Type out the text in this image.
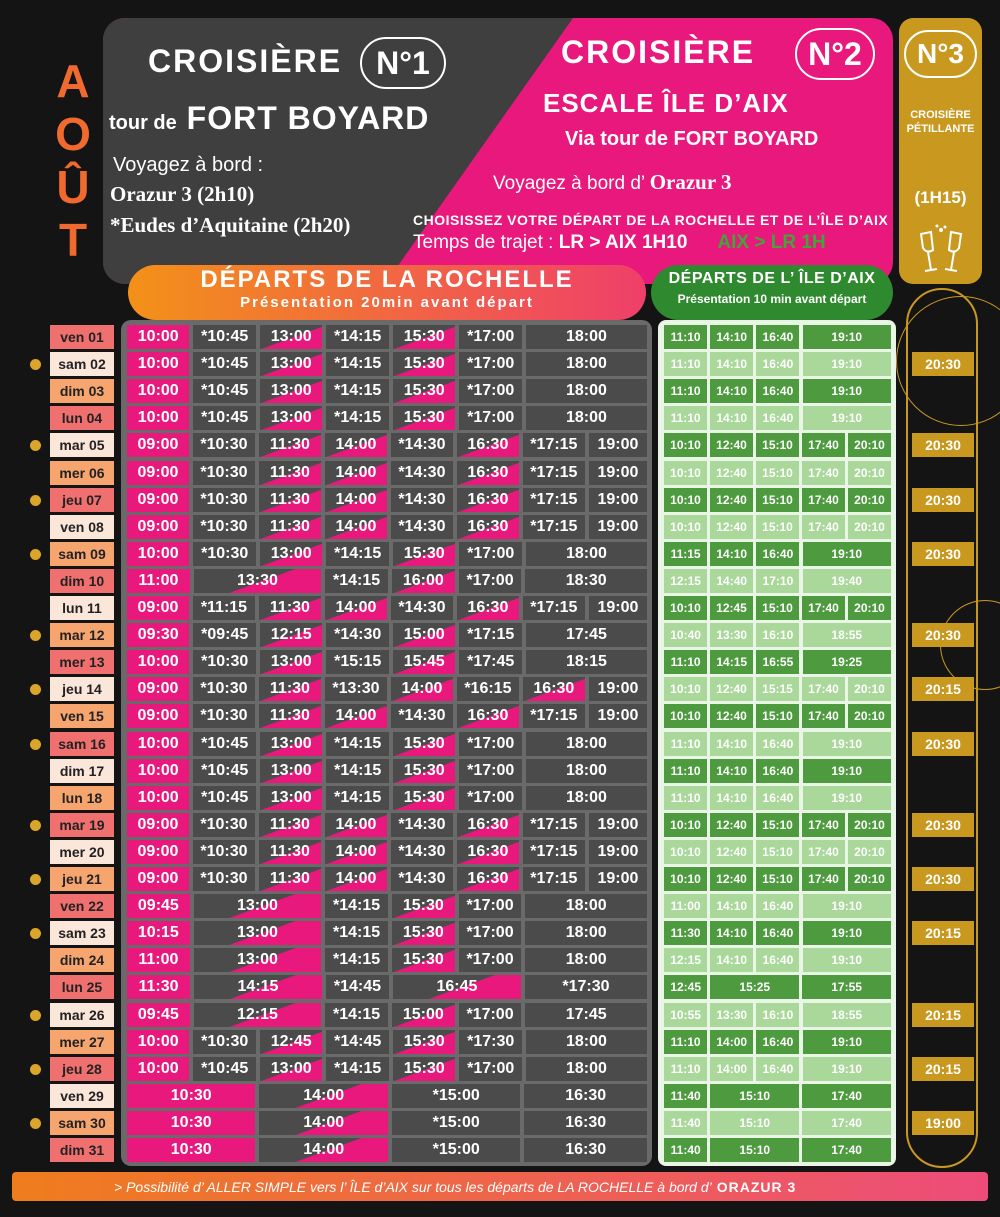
CROISIÈRE	N°1
tour de FORT BOYARD
Voyagez à bord :
Orazur 3 (2h10)
*Eudes d’Aquitaine (2h20)
CROISIÈRE	N°2
ESCALE ÎLE D’AIX
Via tour de FORT BOYARD
Voyagez à bord d’ Orazur 3
CHOISISSEZ VOTRE DÉPART DE LA ROCHELLE ET DE L’ÎLE D’AIX
Temps de trajet : LR > AIX 1H10 AIX > LR 1H
N°3
CROISIÈRE
PÉTILLANTE
(1H15)
A
O
Û
T
DÉPARTS DE LA ROCHELLE
Présentation 20min avant départ
DÉPARTS DE L’ ÎLE D’AIX
Présentation 10 min avant départ
ven 01	10:00	*10:45	13:00	*14:15	15:30	*17:00	18:00	11:10	14:10	16:40	19:10
sam 02	10:00	*10:45	13:00	*14:15	15:30	*17:00	18:00	11:10	14:10	16:40	19:10	20:30
dim 03	10:00	*10:45	13:00	*14:15	15:30	*17:00	18:00	11:10	14:10	16:40	19:10
lun 04	10:00	*10:45	13:00	*14:15	15:30	*17:00	18:00	11:10	14:10	16:40	19:10
mar 05	09:00	*10:30	11:30	14:00	*14:30	16:30	*17:15	19:00	10:10	12:40	15:10	17:40	20:10	20:30
mer 06	09:00	*10:30	11:30	14:00	*14:30	16:30	*17:15	19:00	10:10	12:40	15:10	17:40	20:10
jeu 07	09:00	*10:30	11:30	14:00	*14:30	16:30	*17:15	19:00	10:10	12:40	15:10	17:40	20:10	20:30
ven 08	09:00	*10:30	11:30	14:00	*14:30	16:30	*17:15	19:00	10:10	12:40	15:10	17:40	20:10
sam 09	10:00	*10:30	13:00	*14:15	15:30	*17:00	18:00	11:15	14:10	16:40	19:10	20:30
dim 10	11:00	13:30	*14:15	16:00	*17:00	18:30	12:15	14:40	17:10	19:40
lun 11	09:00	*11:15	11:30	14:00	*14:30	16:30	*17:15	19:00	10:10	12:45	15:10	17:40	20:10
mar 12	09:30	*09:45	12:15	*14:30	15:00	*17:15	17:45	10:40	13:30	16:10	18:55	20:30
mer 13	10:00	*10:30	13:00	*15:15	15:45	*17:45	18:15	11:10	14:15	16:55	19:25
jeu 14	09:00	*10:30	11:30	*13:30	14:00	*16:15	16:30	19:00	10:10	12:40	15:15	17:40	20:10	20:15
ven 15	09:00	*10:30	11:30	14:00	*14:30	16:30	*17:15	19:00	10:10	12:40	15:10	17:40	20:10
sam 16	10:00	*10:45	13:00	*14:15	15:30	*17:00	18:00	11:10	14:10	16:40	19:10	20:30
dim 17	10:00	*10:45	13:00	*14:15	15:30	*17:00	18:00	11:10	14:10	16:40	19:10
lun 18	10:00	*10:45	13:00	*14:15	15:30	*17:00	18:00	11:10	14:10	16:40	19:10
mar 19	09:00	*10:30	11:30	14:00	*14:30	16:30	*17:15	19:00	10:10	12:40	15:10	17:40	20:10	20:30
mer 20	09:00	*10:30	11:30	14:00	*14:30	16:30	*17:15	19:00	10:10	12:40	15:10	17:40	20:10
jeu 21	09:00	*10:30	11:30	14:00	*14:30	16:30	*17:15	19:00	10:10	12:40	15:10	17:40	20:10	20:30
ven 22	09:45	13:00	*14:15	15:30	*17:00	18:00	11:00	14:10	16:40	19:10
sam 23	10:15	13:00	*14:15	15:30	*17:00	18:00	11:30	14:10	16:40	19:10	20:15
dim 24	11:00	13:00	*14:15	15:30	*17:00	18:00	12:15	14:10	16:40	19:10
lun 25	11:30	14:15	*14:45	16:45	*17:30	12:45	15:25	17:55
mar 26	09:45	12:15	*14:15	15:00	*17:00	17:45	10:55	13:30	16:10	18:55	20:15
mer 27	10:00	*10:30	12:45	*14:45	15:30	*17:30	18:00	11:10	14:00	16:40	19:10
jeu 28	10:00	*10:45	13:00	*14:15	15:30	*17:00	18:00	11:10	14:00	16:40	19:10	20:15
ven 29	10:30	14:00	*15:00	16:30	11:40	15:10	17:40
sam 30	10:30	14:00	*15:00	16:30	11:40	15:10	17:40	19:00
dim 31	10:30	14:00	*15:00	16:30	11:40	15:10	17:40
> Possibilité d’ ALLER SIMPLE vers l’ ÎLE d’AIX sur tous les départs de LA ROCHELLE à bord d’ ORAZUR 3
